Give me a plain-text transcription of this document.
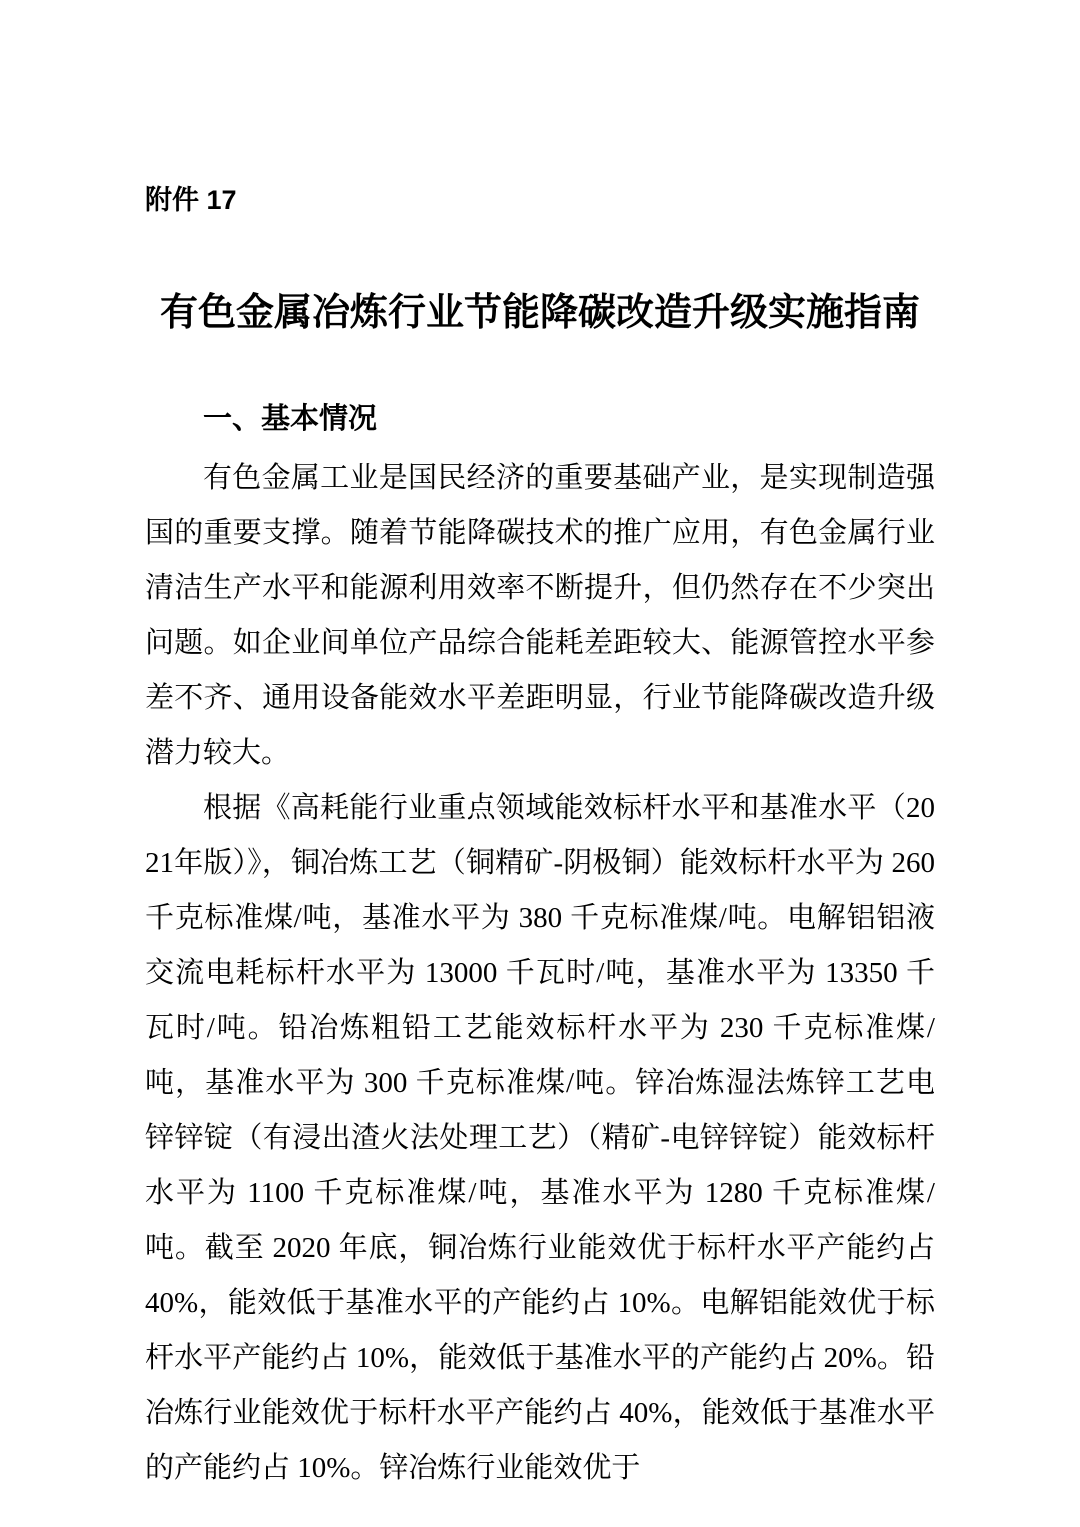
附件 17
有色金属冶炼行业节能降碳改造升级实施指南
一、基本情况

有色金属工业是国民经济的重要基础产业，是实现制造强国的重要支撑。随着节能降碳技术的推广应用，有色金属行业清洁生产水平和能源利用效率不断提升，但仍然存在不少突出问题。如企业间单位产品综合能耗差距较大、能源管控水平参差不齐、通用设备能效水平差距明显，行业节能降碳改造升级潜力较大。

根据《高耗能行业重点领域能效标杆水平和基准水平（2021年版）》，铜冶炼工艺（铜精矿-阴极铜）能效标杆水平为 260 千克标准煤/吨，基准水平为 380 千克标准煤/吨。电解铝铝液交流电耗标杆水平为 13000 千瓦时/吨，基准水平为 13350 千瓦时/吨。铅冶炼粗铅工艺能效标杆水平为 230 千克标准煤/吨，基准水平为 300 千克标准煤/吨。锌冶炼湿法炼锌工艺电锌锌锭（有浸出渣火法处理工艺）（精矿-电锌锌锭）能效标杆水平为 1100 千克标准煤/吨，基准水平为 1280 千克标准煤/吨。截至 2020 年底，铜冶炼行业能效优于标杆水平产能约占 40%，能效低于基准水平的产能约占 10%。电解铝能效优于标杆水平产能约占 10%，能效低于基准水平的产能约占 20%。铅冶炼行业能效优于标杆水平产能约占 40%，能效低于基准水平的产能约占 10%。锌冶炼行业能效优于
